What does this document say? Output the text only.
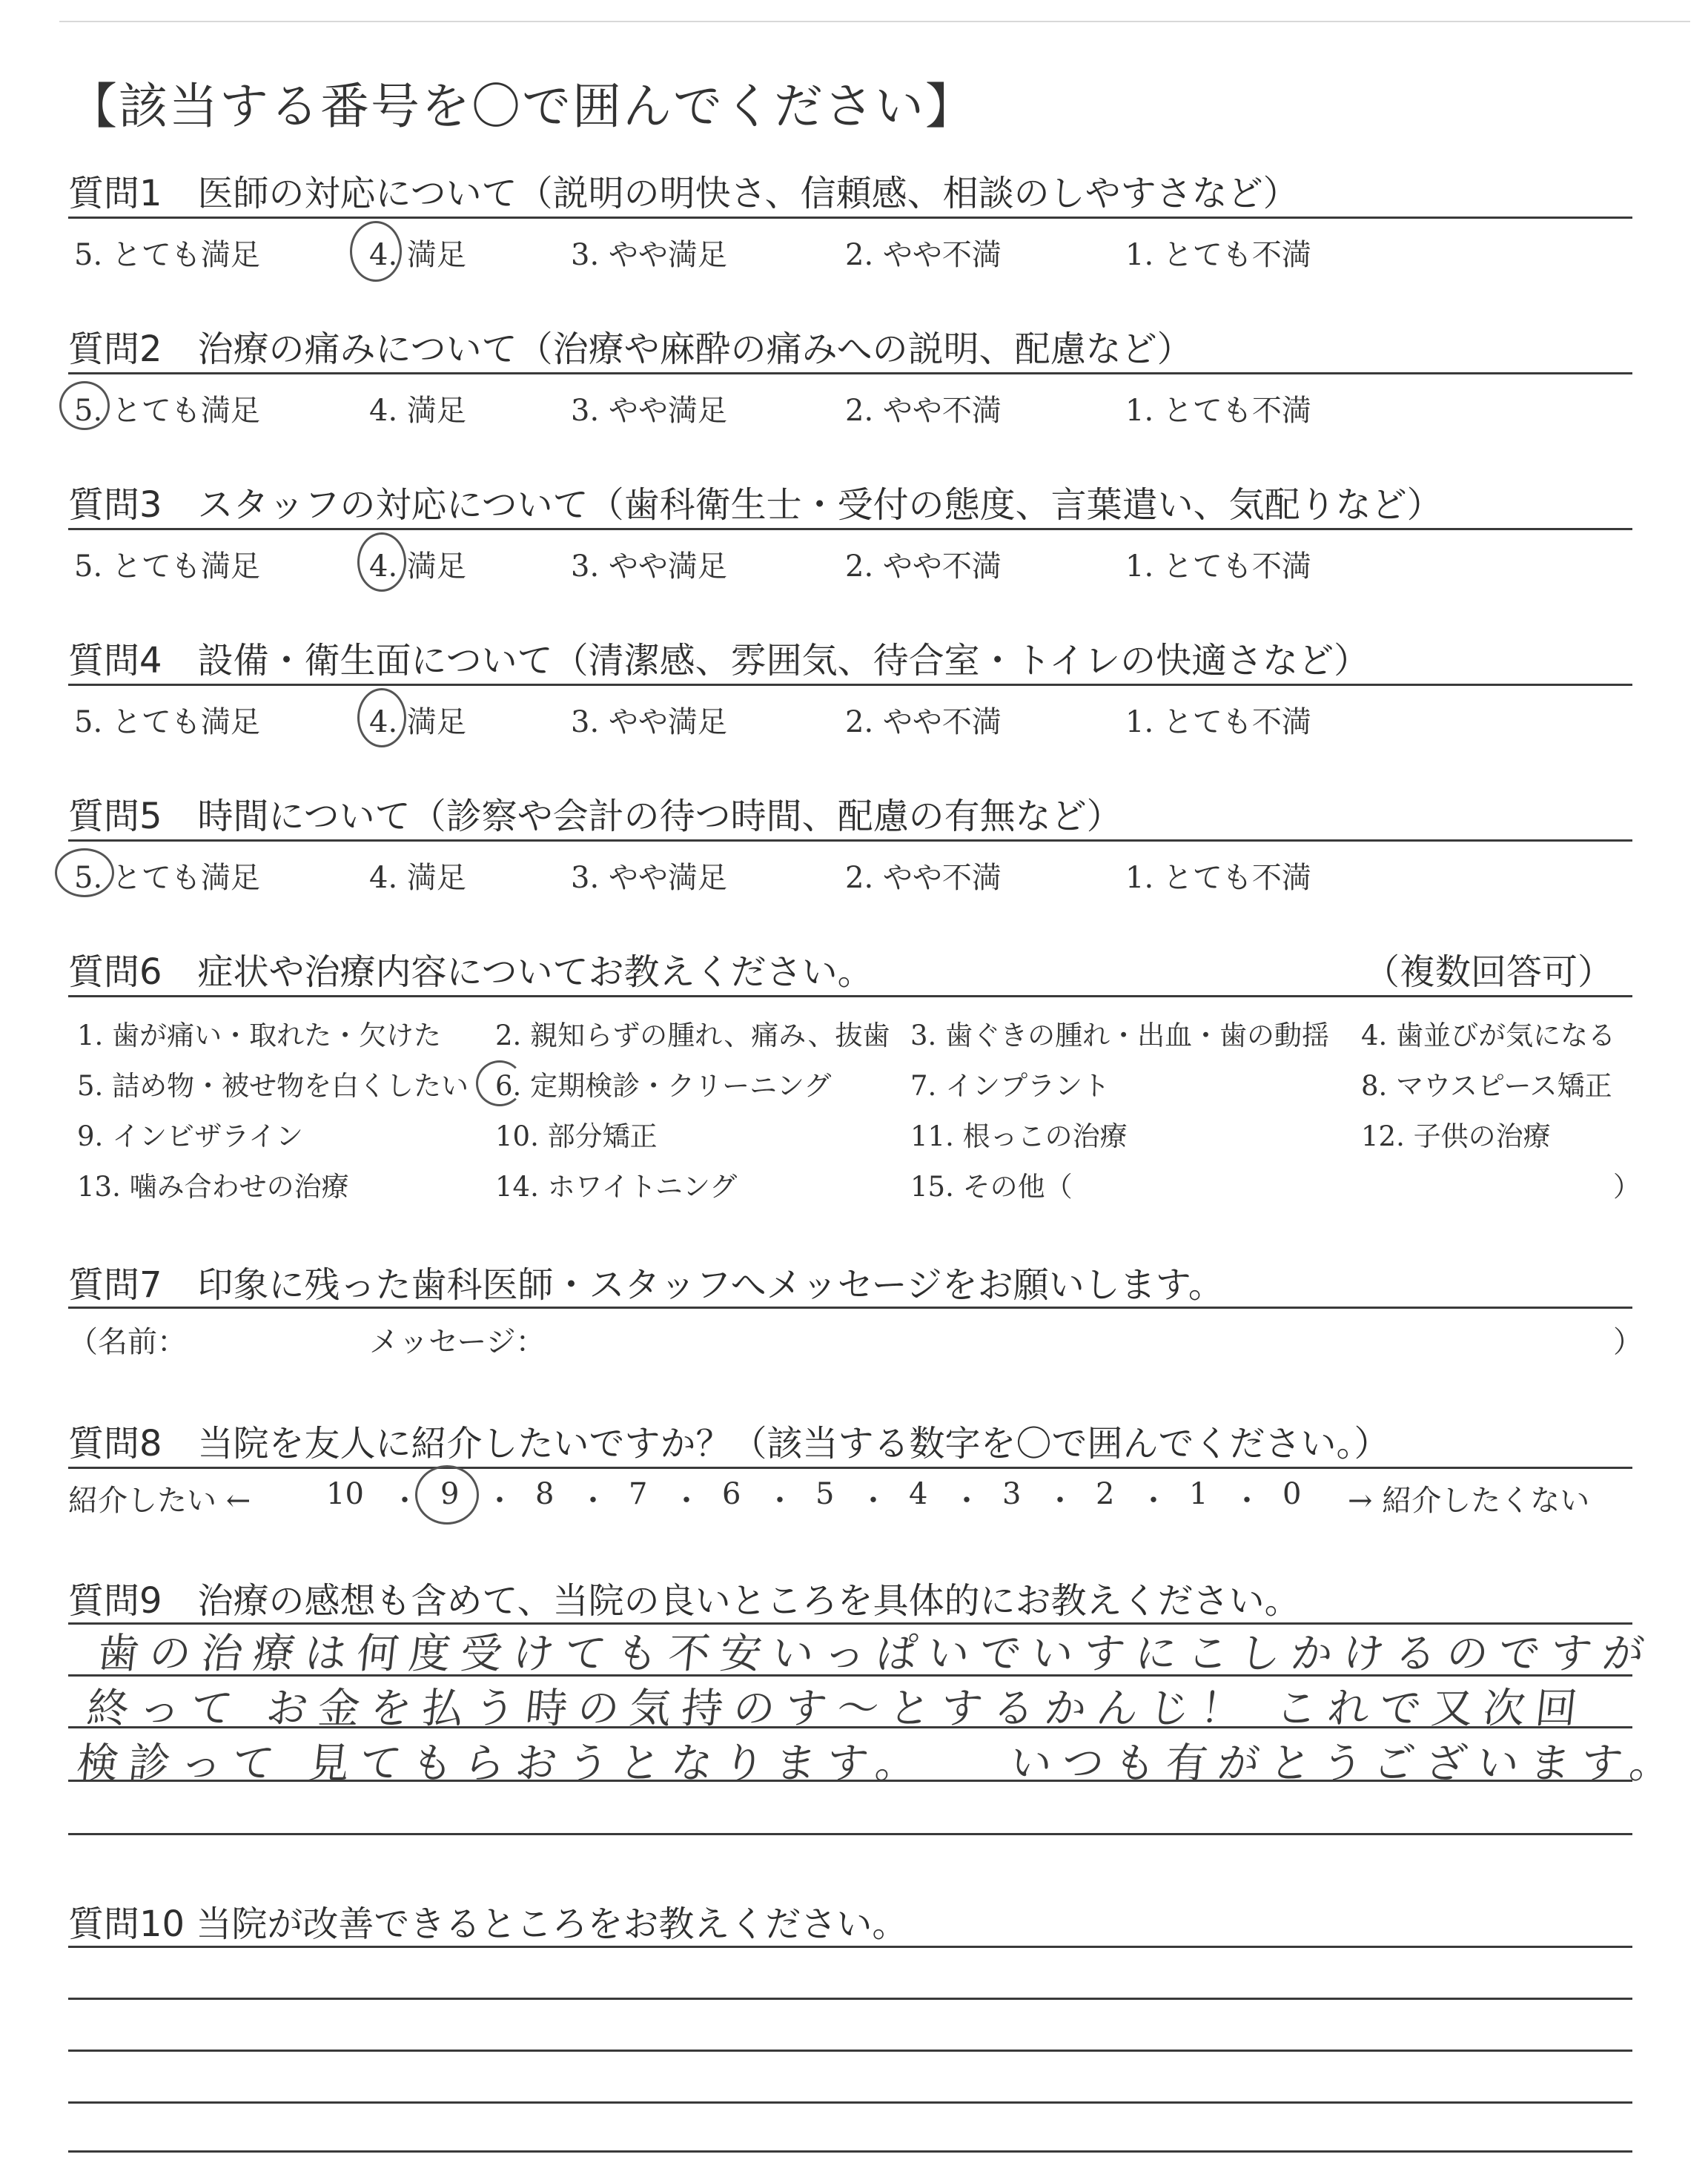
【該当する番号を〇で囲んでください】
質問1　医師の対応について（説明の明快さ、信頼感、相談のしやすさなど）
5. とても満足	4. 満足	3. やや満足	2. やや不満	1. とても不満
質問2　治療の痛みについて（治療や麻酔の痛みへの説明、配慮など）
5. とても満足	4. 満足	3. やや満足	2. やや不満	1. とても不満
質問3　スタッフの対応について（歯科衛生士・受付の態度、言葉遣い、気配りなど）
5. とても満足	4. 満足	3. やや満足	2. やや不満	1. とても不満
質問4　設備・衛生面について（清潔感、雰囲気、待合室・トイレの快適さなど）
5. とても満足	4. 満足	3. やや満足	2. やや不満	1. とても不満
質問5　時間について（診察や会計の待つ時間、配慮の有無など）
5. とても満足	4. 満足	3. やや満足	2. やや不満	1. とても不満
質問6　症状や治療内容についてお教えください。	（複数回答可）
1. 歯が痛い・取れた・欠けた 2. 親知らずの腫れ、痛み、抜歯 3. 歯ぐきの腫れ・出血・歯の動揺 4. 歯並びが気になる
5. 詰め物・被せ物を白くしたい 6. 定期検診・クリーニング	7. インプラント	8. マウスピース矯正
9. インビザライン	10. 部分矯正	11. 根っこの治療	12. 子供の治療
13. 噛み合わせの治療	14. ホワイトニング	15. その他（	）
質問7　印象に残った歯科医師・スタッフへメッセージをお願いします。
（名前：	メッセージ：	）
質問8　当院を友人に紹介したいですか？（該当する数字を〇で囲んでください。）
紹介したい ←	→ 紹介したくない
10 ・ 9 ・ 8 ・ 7 ・ 6 ・ 5 ・ 4 ・ 3 ・ 2 ・ 1 ・ 0
質問9　治療の感想も含めて、当院の良いところを具体的にお教えください。
歯の治療は何度受けても不安いっぱいでいすにこしかけるのですが
終って お金を払う時の気持のす～とするかんじ！ これで又次回
検診って 見てもらおうとなります。　　いつも有がとうございます。
質問10 当院が改善できるところをお教えください。
